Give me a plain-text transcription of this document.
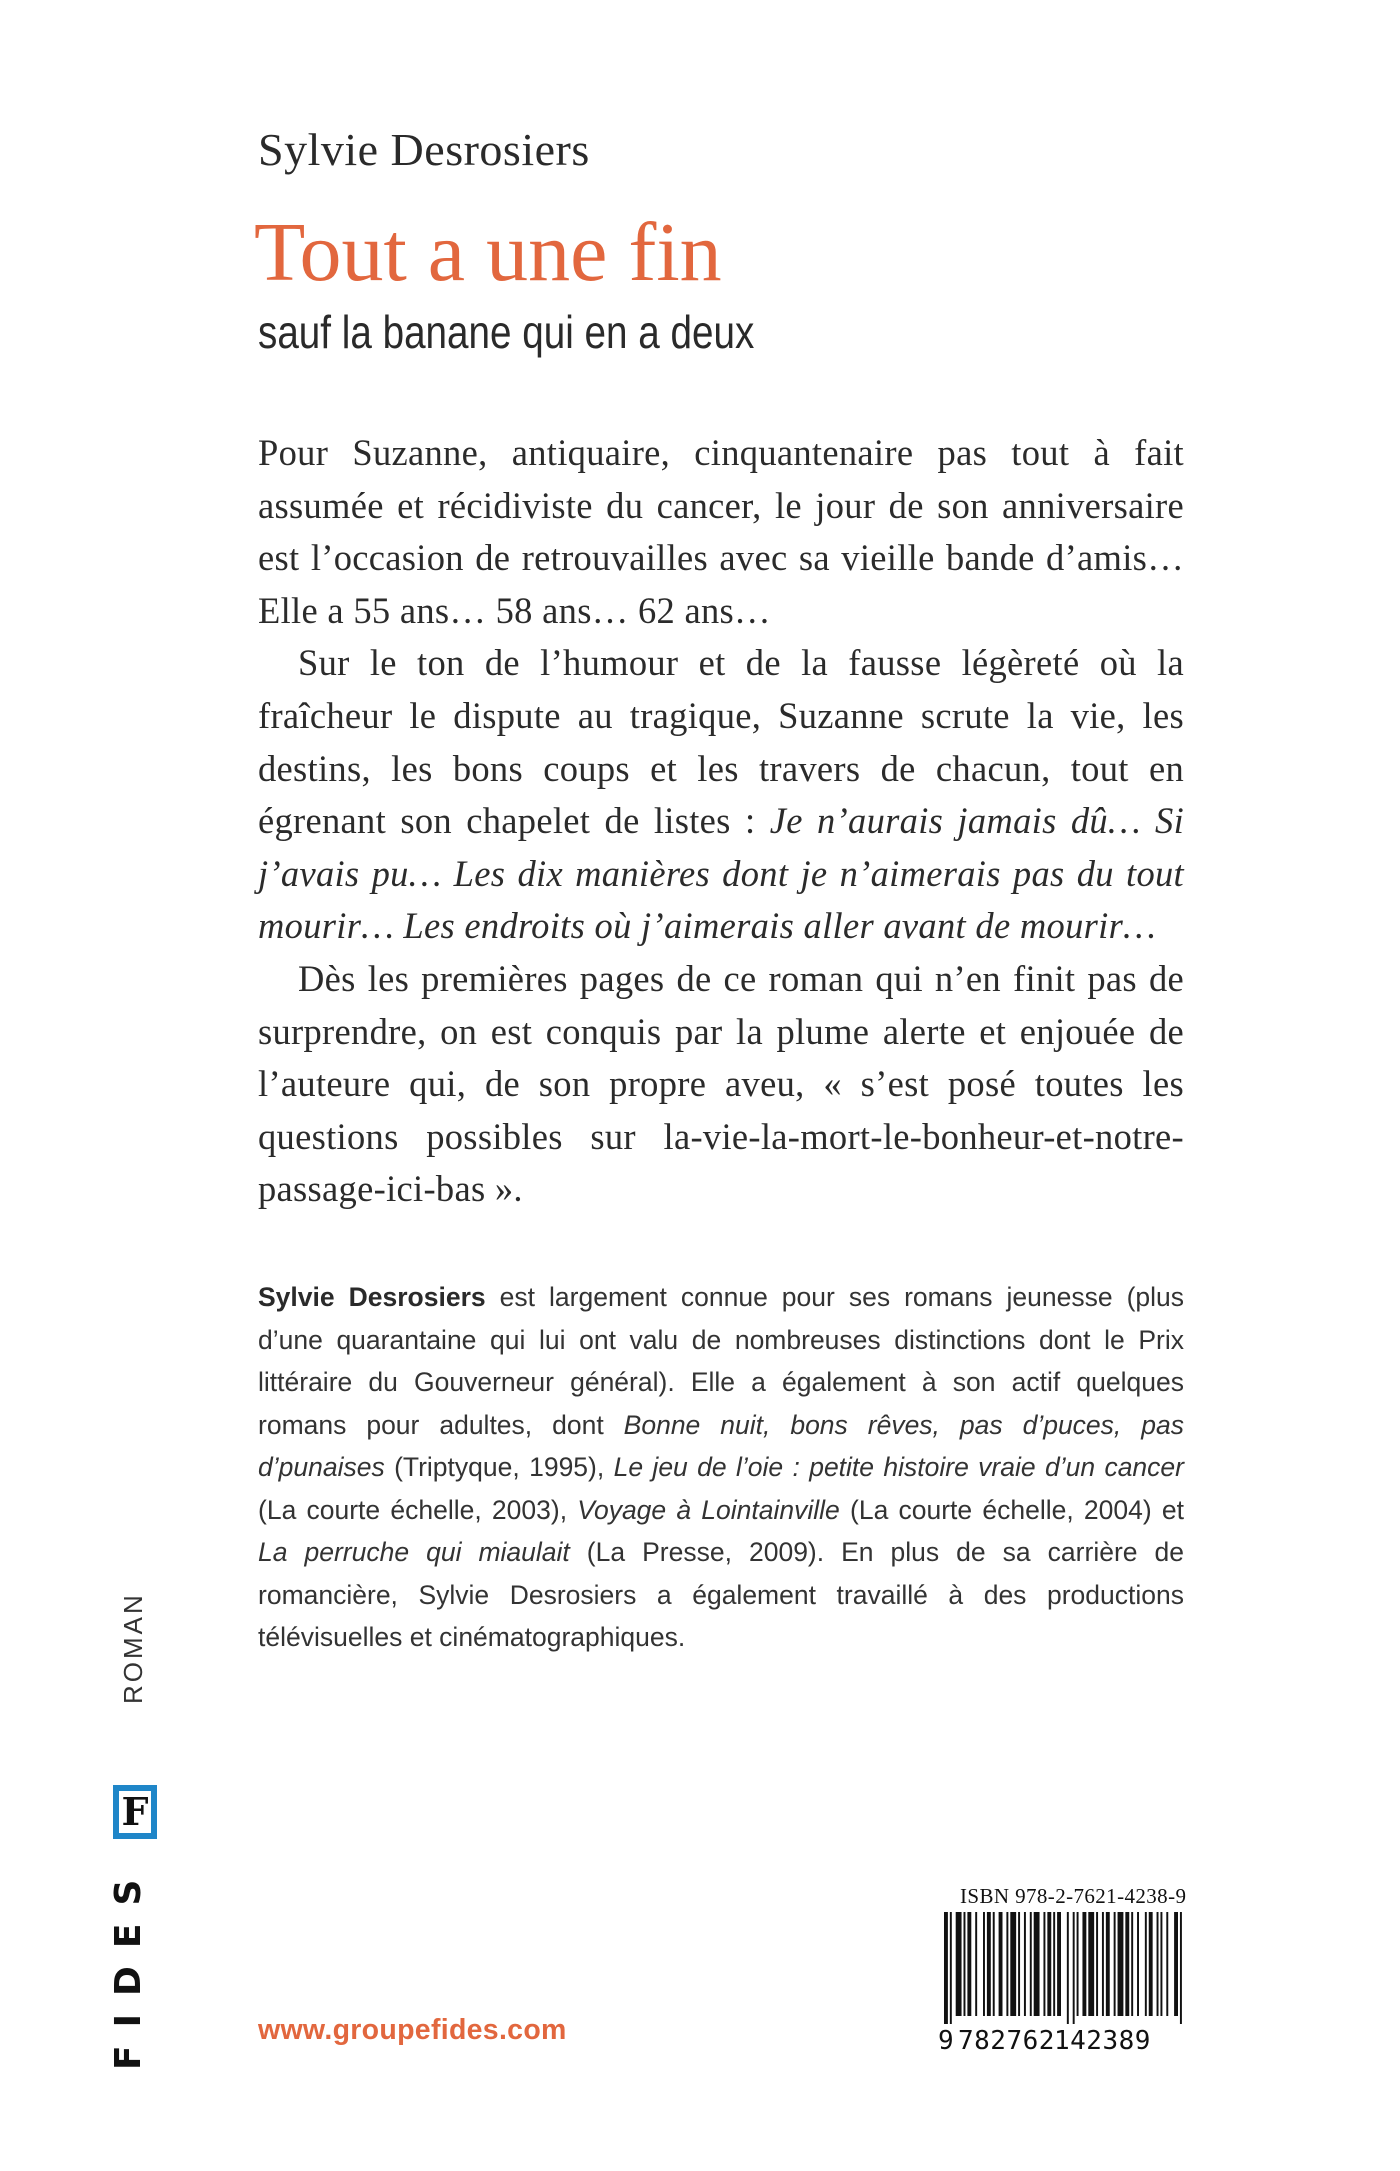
Sylvie Desrosiers
Tout a une fin
sauf la banane qui en a deux

Pour Suzanne, antiquaire, cinquantenaire pas tout à fait assumée et récidiviste du cancer, le jour de son anniversaire est l’occasion de retrouvailles avec sa vieille bande d’amis… Elle a 55 ans… 58 ans… 62 ans…

Sur le ton de l’humour et de la fausse légèreté où la fraîcheur le dispute au tragique, Suzanne scrute la vie, les destins, les bons coups et les travers de chacun, tout en égrenant son chapelet de listes : Je n’aurais jamais dû… Si j’avais pu… Les dix manières dont je n’aimerais pas du tout mourir… Les endroits où j’aimerais aller avant de mourir…

Dès les premières pages de ce roman qui n’en finit pas de surprendre, on est conquis par la plume alerte et enjouée de l’auteure qui, de son propre aveu, « s’est posé toutes les questions possibles sur la-vie-la-mort-le-bonheur-et-notre-passage-ici-bas ».

Sylvie Desrosiers est largement connue pour ses romans jeunesse (plus d’une quarantaine qui lui ont valu de nombreuses distinctions dont le Prix littéraire du Gouverneur général). Elle a également à son actif quelques romans pour adultes, dont Bonne nuit, bons rêves, pas d’puces, pas d’punaises (Triptyque, 1995), Le jeu de l’oie : petite histoire vraie d’un cancer (La courte échelle, 2003), Voyage à Lointainville (La courte échelle, 2004) et La perruche qui miaulait (La Presse, 2009). En plus de sa carrière de romancière, Sylvie Desrosiers a également travaillé à des productions télévisuelles et cinématographiques.

ROMAN
F
FIDES	www.groupefides.com
ISBN 978-2-7621-4238-9
9 782762142389
